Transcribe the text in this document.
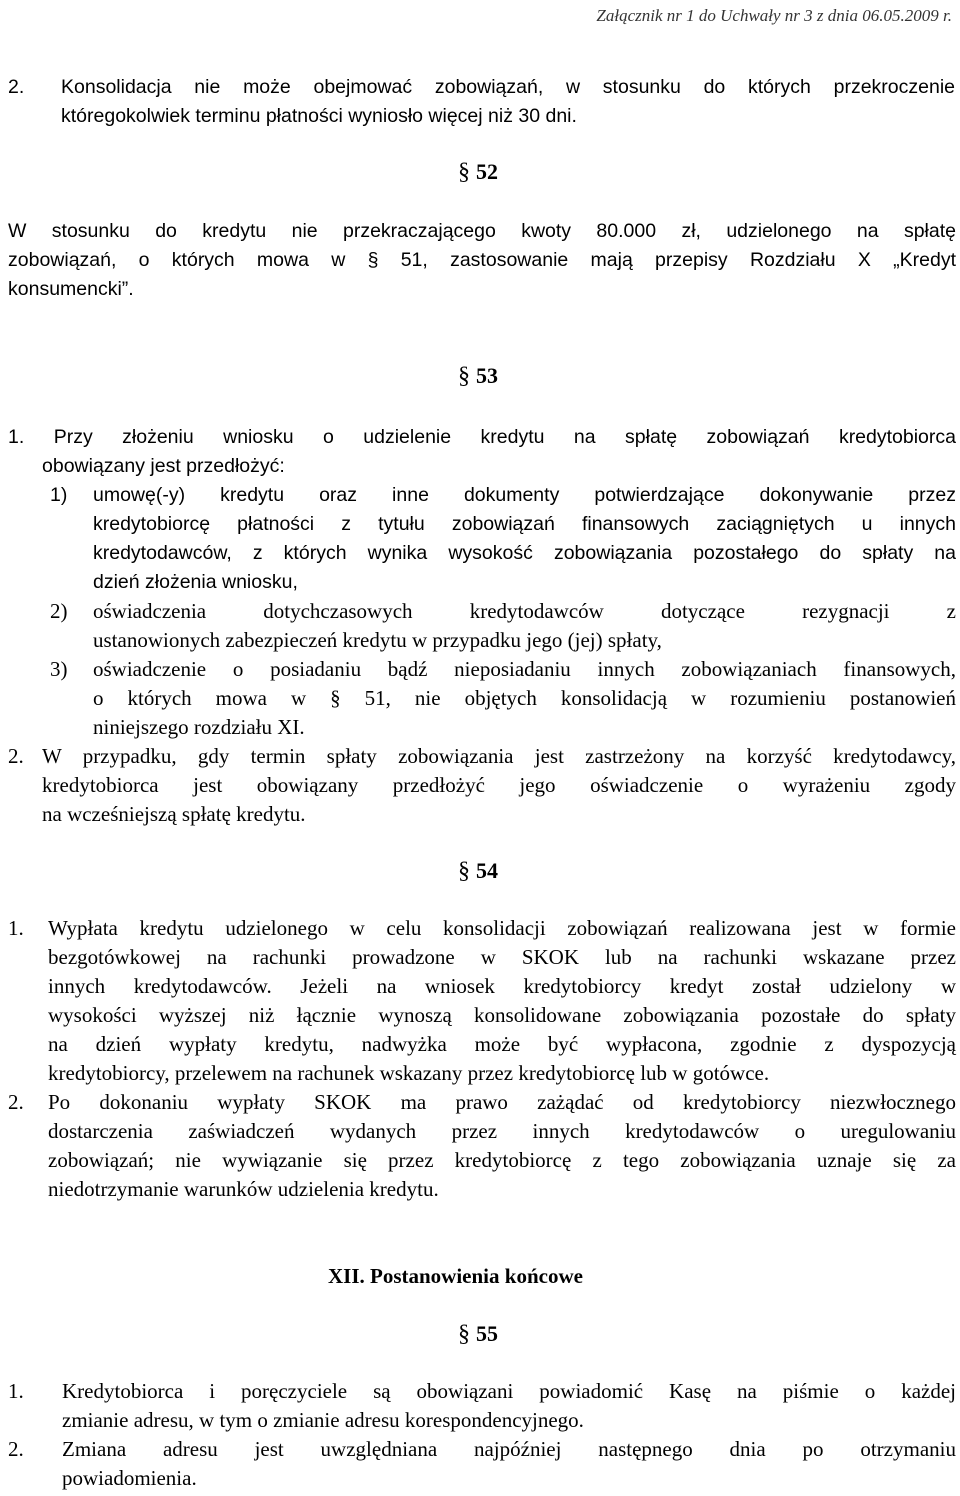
Załącznik nr 1 do Uchwały nr 3 z dnia 06.05.2009 r.
2. Konsolidacja nie może obejmować zobowiązań, w stosunku do których przekroczenie
któregokolwiek terminu płatności wyniosło więcej niż 30 dni.
§ 52
W stosunku do kredytu nie przekraczającego kwoty 80.000 zł, udzielonego na spłatę
zobowiązań, o których mowa w § 51, zastosowanie mają przepisy Rozdziału X „Kredyt
konsumencki”.
§ 53
1. Przy złożeniu wniosku o udzielenie kredytu na spłatę zobowiązań kredytobiorca
obowiązany jest przedłożyć:
1) umowę(-y) kredytu oraz inne dokumenty potwierdzające dokonywanie przez
kredytobiorcę płatności z tytułu zobowiązań finansowych zaciągniętych u innych
kredytodawców, z których wynika wysokość zobowiązania pozostałego do spłaty na
dzień złożenia wniosku,
2) oświadczenia dotychczasowych kredytodawców dotyczące rezygnacji z
ustanowionych zabezpieczeń kredytu w przypadku jego (jej) spłaty,
3) oświadczenie o posiadaniu bądź nieposiadaniu innych zobowiązaniach finansowych,
o których mowa w § 51, nie objętych konsolidacją w rozumieniu postanowień
niniejszego rozdziału XI.
2. W przypadku, gdy termin spłaty zobowiązania jest zastrzeżony na korzyść kredytodawcy,
kredytobiorca jest obowiązany przedłożyć jego oświadczenie o wyrażeniu zgody
na wcześniejszą spłatę kredytu.
§ 54
1. Wypłata kredytu udzielonego w celu konsolidacji zobowiązań realizowana jest w formie
bezgotówkowej na rachunki prowadzone w SKOK lub na rachunki wskazane przez
innych kredytodawców. Jeżeli na wniosek kredytobiorcy kredyt został udzielony w
wysokości wyższej niż łącznie wynoszą konsolidowane zobowiązania pozostałe do spłaty
na dzień wypłaty kredytu, nadwyżka może być wypłacona, zgodnie z dyspozycją
kredytobiorcy, przelewem na rachunek wskazany przez kredytobiorcę lub w gotówce.
2. Po dokonaniu wypłaty SKOK ma prawo zażądać od kredytobiorcy niezwłocznego
dostarczenia zaświadczeń wydanych przez innych kredytodawców o uregulowaniu
zobowiązań; nie wywiązanie się przez kredytobiorcę z tego zobowiązania uznaje się za
niedotrzymanie warunków udzielenia kredytu.
XII. Postanowienia końcowe
§ 55
1. Kredytobiorca i poręczyciele są obowiązani powiadomić Kasę na piśmie o każdej
zmianie adresu, w tym o zmianie adresu korespondencyjnego.
2. Zmiana adresu jest uwzględniana najpóźniej następnego dnia po otrzymaniu
powiadomienia.
